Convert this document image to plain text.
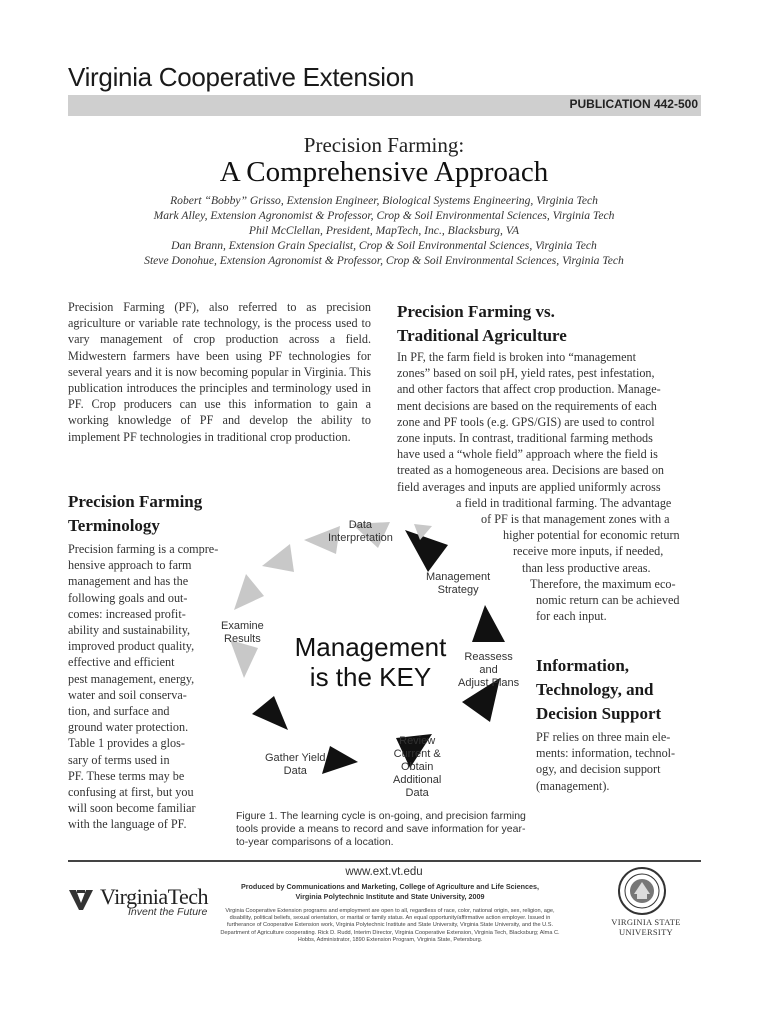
Virginia Cooperative Extension
PUBLICATION 442-500
Precision Farming:
A Comprehensive Approach
Robert “Bobby” Grisso, Extension Engineer, Biological Systems Engineering, Virginia Tech
Mark Alley, Extension Agronomist & Professor, Crop & Soil Environmental Sciences, Virginia Tech
Phil McClellan, President, MapTech, Inc., Blacksburg, VA
Dan Brann, Extension Grain Specialist, Crop & Soil Environmental Sciences, Virginia Tech
Steve Donohue, Extension Agronomist & Professor, Crop & Soil Environmental Sciences, Virginia Tech
Precision Farming (PF), also referred to as precision agriculture or variable rate technology, is the process used to vary management of crop production across a field. Midwestern farmers have been using PF technologies for several years and it is now becoming popular in Virginia. This publication introduces the principles and terminology used in PF. Crop producers can use this information to gain a working knowledge of PF and develop the ability to implement PF technologies in traditional crop production.
Precision Farming vs.
Traditional Agriculture
In PF, the farm field is broken into “management
zones” based on soil pH, yield rates, pest infestation,
and other factors that affect crop production. Manage-
ment decisions are based on the requirements of each
zone and PF tools (e.g. GPS/GIS) are used to control
zone inputs. In contrast, traditional farming methods
have used a “whole field” approach where the field is
treated as a homogeneous area. Decisions are based on
field averages and inputs are applied uniformly across
a field in traditional farming. The advantage
of PF is that management zones with a
higher potential for economic return
receive more inputs, if needed,
than less productive areas.
Therefore, the maximum eco-
nomic return can be achieved
for each input.
Precision Farming
Terminology
Precision farming is a compre-
hensive approach to farm
management and has the
following goals and out-
comes: increased profit-
ability and sustainability,
improved product quality,
effective and efficient
pest management, energy,
water and soil conserva-
tion, and surface and
ground water protection.
Table 1 provides a glos-
sary of terms used in
PF. These terms may be
confusing at first, but you
will soon become familiar
with the language of PF.
Information,
Technology, and
Decision Support
PF relies on three main ele-
ments: information, technol-
ogy, and decision support
(management).
Data
Interpretation
Management
Strategy
Reassess
and
Adjust Plans
Review
Current &
Obtain
Additional
Data
Gather Yield
Data
Examine
Results	Management
is the KEY
Figure 1. The learning cycle is on-going, and precision farming tools provide a means to record and save information for year-to-year comparisons of a location.
www.ext.vt.edu
Produced by Communications and Marketing, College of Agriculture and Life Sciences,
Virginia Polytechnic Institute and State University, 2009
Virginia Cooperative Extension programs and employment are open to all, regardless of race, color, national origin, sex, religion, age, disability, political beliefs, sexual orientation, or marital or family status. An equal opportunity/affirmative action employer. Issued in furtherance of Cooperative Extension work, Virginia Polytechnic Institute and State University, Virginia State University, and the U.S. Department of Agriculture cooperating. Rick D. Rudd, Interim Director, Virginia Cooperative Extension, Virginia Tech, Blacksburg; Alma C. Hobbs, Administrator, 1890 Extension Program, Virginia State, Petersburg.
VirginiaTech
Invent the Future
VIRGINIA STATE UNIVERSITY
